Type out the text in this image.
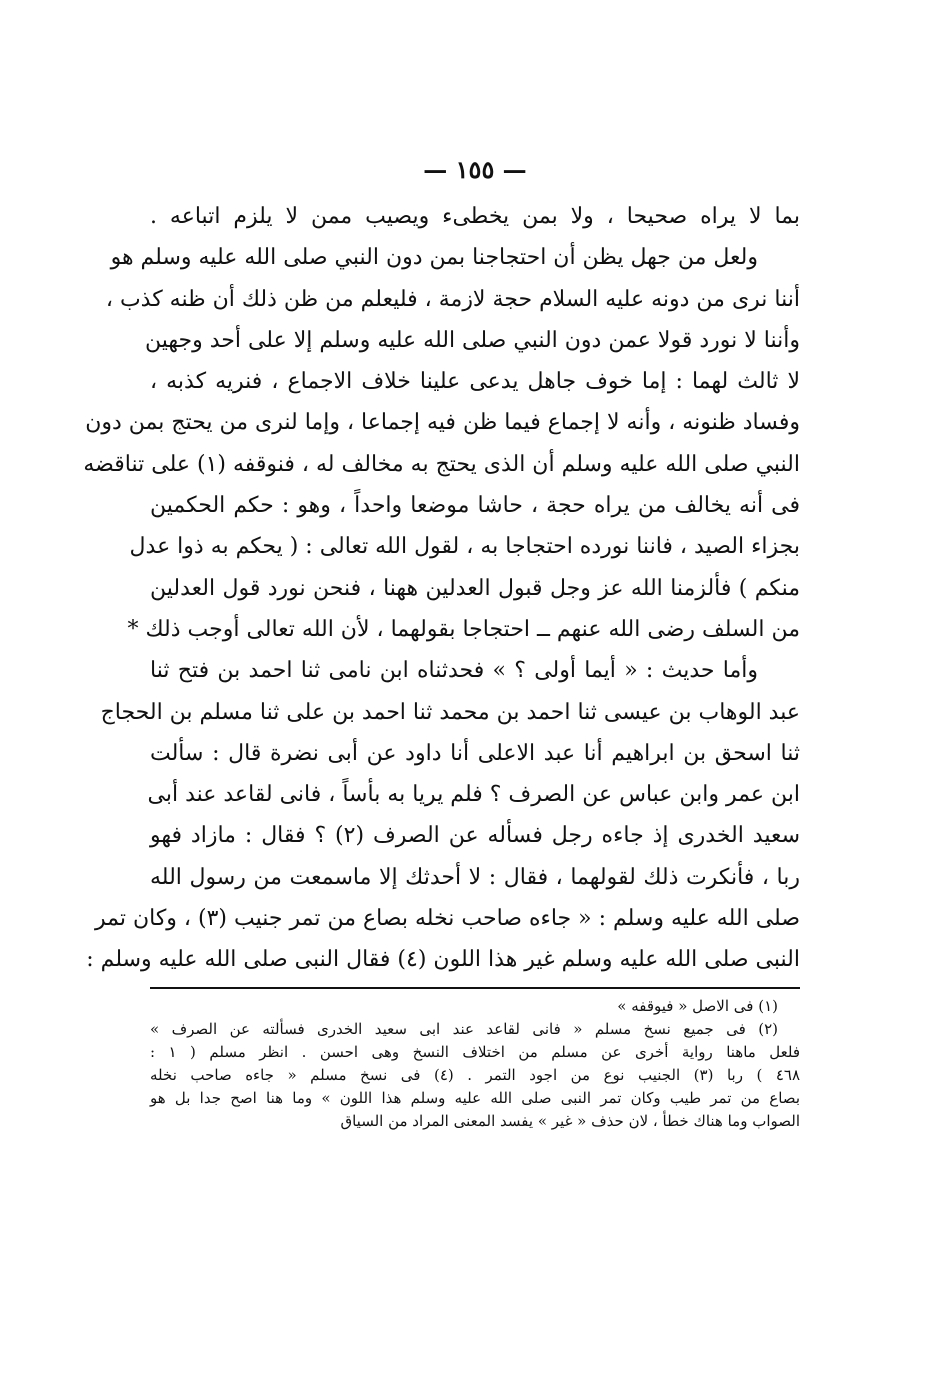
— ١٥٥ —
بما لا يراه صحيحا ، ولا بمن يخطىء ويصيب ممن لا يلزم اتباعه .
ولعل من جهل يظن أن احتجاجنا بمن دون النبي صلى الله عليه وسلم هو
أننا نرى من دونه عليه السلام حجة لازمة ، فليعلم من ظن ذلك أن ظنه كذب ،
وأننا لا نورد قولا عمن دون النبي صلى الله عليه وسلم إلا على أحد وجهين
لا ثالث لهما : إما خوف جاهل يدعى علينا خلاف الاجماع ، فنريه كذبه ،
وفساد ظنونه ، وأنه لا إجماع فيما ظن فيه إجماعا ، وإما لنرى من يحتج بمن دون
النبي صلى الله عليه وسلم أن الذى يحتج به مخالف له ، فنوقفه (١) على تناقضه
فى أنه يخالف من يراه حجة ، حاشا موضعا واحداً ، وهو : حكم الحكمين
بجزاء الصيد ، فاننا نورده احتجاجا به ، لقول الله تعالى : ( يحكم به ذوا عدل
منكم ) فألزمنا الله عز وجل قبول العدلين ههنا ، فنحن نورد قول العدلين
من السلف رضى الله عنهم ــ احتجاجا بقولهما ، لأن الله تعالى أوجب ذلك *
وأما حديث : « أيما أولى ؟ » فحدثناه ابن نامى ثنا احمد بن فتح ثنا
عبد الوهاب بن عيسى ثنا احمد بن محمد ثنا احمد بن على ثنا مسلم بن الحجاج
ثنا اسحق بن ابراهيم أنا عبد الاعلى أنا داود عن أبى نضرة قال : سألت
ابن عمر وابن عباس عن الصرف ؟ فلم يريا به بأساً ، فانى لقاعد عند أبى
سعيد الخدرى إذ جاءه رجل فسأله عن الصرف (٢) ؟ فقال : مازاد فهو
ربا ، فأنكرت ذلك لقولهما ، فقال : لا أحدثك إلا ماسمعت من رسول الله
صلى الله عليه وسلم : « جاءه صاحب نخله بصاع من تمر جنيب (٣) ، وكان تمر
النبى صلى الله عليه وسلم غير هذا اللون (٤) فقال النبى صلى الله عليه وسلم :
(١) فى الاصل « فيوقفه »
(٢) فى جميع نسخ مسلم « فانى لقاعد عند ابى سعيد الخدرى فسألته عن الصرف »
فلعل ماهنا رواية أخرى عن مسلم من اختلاف النسخ وهى احسن . انظر مسلم ( ١ :
٤٦٨ ) ربا (٣) الجنيب نوع من اجود التمر . (٤) فى نسخ مسلم « جاءه صاحب نخله
بصاع من تمر طيب وكان تمر النبى صلى الله عليه وسلم هذا اللون » وما هنا اصح جدا بل هو
الصواب وما هناك خطأ ، لان حذف « غير » يفسد المعنى المراد من السياق
